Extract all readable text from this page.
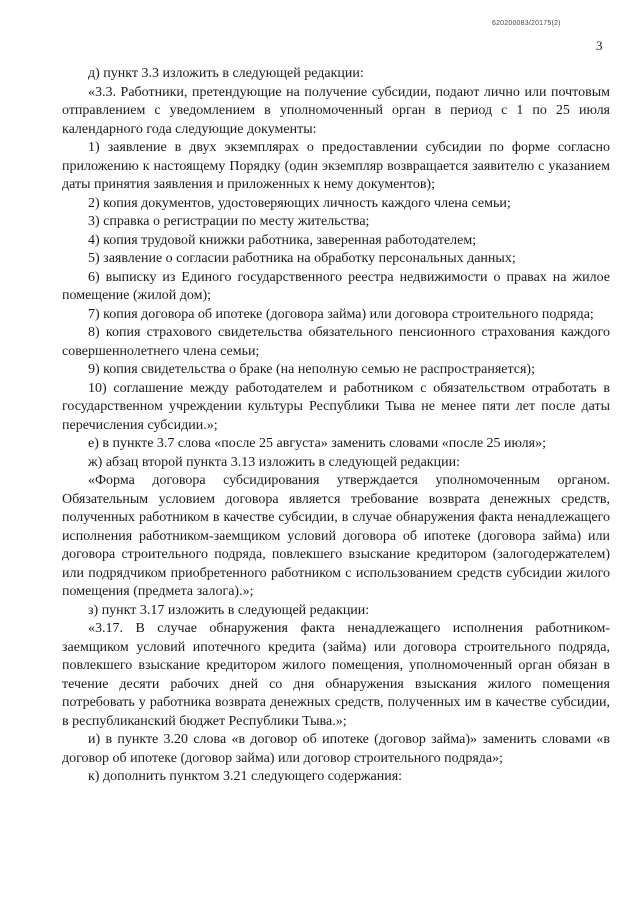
620200083/20175(2)
3

д) пункт 3.3 изложить в следующей редакции:

«3.3. Работники, претендующие на получение субсидии, подают лично или почтовым отправлением с уведомлением в уполномоченный орган в период с 1 по 25 июля календарного года следующие документы:

1) заявление в двух экземплярах о предоставлении субсидии по форме согласно приложению к настоящему Порядку (один экземпляр возвращается заявителю с указанием даты принятия заявления и приложенных к нему документов);

2) копия документов, удостоверяющих личность каждого члена семьи;

3) справка о регистрации по месту жительства;

4) копия трудовой книжки работника, заверенная работодателем;

5) заявление о согласии работника на обработку персональных данных;

6) выписку из Единого государственного реестра недвижимости о правах на жилое помещение (жилой дом);

7) копия договора об ипотеке (договора займа) или договора строительного подряда;

8) копия страхового свидетельства обязательного пенсионного страхования каждого совершеннолетнего члена семьи;

9) копия свидетельства о браке (на неполную семью не распространяется);

10) соглашение между работодателем и работником с обязательством отработать в государственном учреждении культуры Республики Тыва не менее пяти лет после даты перечисления субсидии.»;

е) в пункте 3.7 слова «после 25 августа» заменить словами «после 25 июля»;

ж) абзац второй пункта 3.13 изложить в следующей редакции:

«Форма договора субсидирования утверждается уполномоченным органом. Обязательным условием договора является требование возврата денежных средств, полученных работником в качестве субсидии, в случае обнаружения факта ненадлежащего исполнения работником-заемщиком условий договора об ипотеке (договора займа) или договора строительного подряда, повлекшего взыскание кредитором (залогодержателем) или подрядчиком приобретенного работником с использованием средств субсидии жилого помещения (предмета залога).»;

з) пункт 3.17 изложить в следующей редакции:

«3.17. В случае обнаружения факта ненадлежащего исполнения работником-заемщиком условий ипотечного кредита (займа) или договора строительного подряда, повлекшего взыскание кредитором жилого помещения, уполномоченный орган обязан в течение десяти рабочих дней со дня обнаружения взыскания жилого помещения потребовать у работника возврата денежных средств, полученных им в качестве субсидии, в республиканский бюджет Республики Тыва.»;

и) в пункте 3.20 слова «в договор об ипотеке (договор займа)» заменить словами «в договор об ипотеке (договор займа) или договор строительного подряда»;

к) дополнить пунктом 3.21 следующего содержания:
